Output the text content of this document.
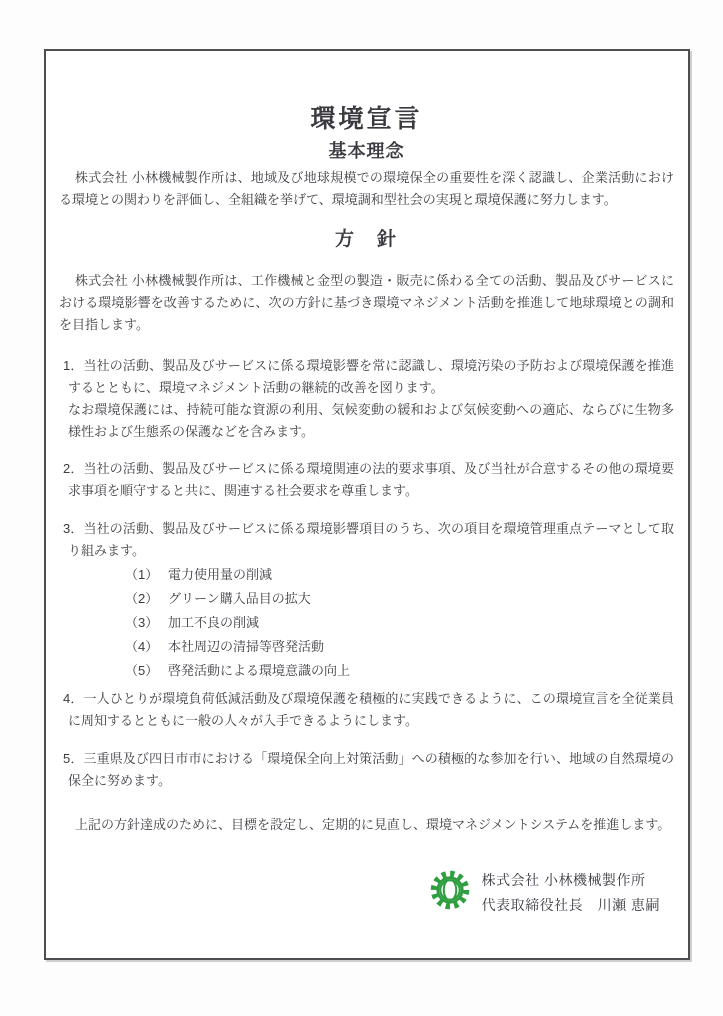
環境宣言
基本理念

株式会社 小林機械製作所は、地域及び地球規模での環境保全の重要性を深く認識し、企業活動における環境との関わりを評価し、全組織を挙げて、環境調和型社会の実現と環境保護に努力します。

方　針

株式会社 小林機械製作所は、工作機械と金型の製造・販売に係わる全ての活動、製品及びサービスにおける環境影響を改善するために、次の方針に基づき環境マネジメント活動を推進して地球環境との調和を目指します。

1．当社の活動、製品及びサービスに係る環境影響を常に認識し、環境汚染の予防および環境保護を推進するとともに、環境マネジメント活動の継続的改善を図ります。
なお環境保護には、持続可能な資源の利用、気候変動の緩和および気候変動への適応、ならびに生物多様性および生態系の保護などを含みます。

2．当社の活動、製品及びサービスに係る環境関連の法的要求事項、及び当社が合意するその他の環境要求事項を順守すると共に、関連する社会要求を尊重します。

3．当社の活動、製品及びサービスに係る環境影響項目のうち、次の項目を環境管理重点テーマとして取り組みます。

（1） 電力使用量の削減
（2） グリーン購入品目の拡大
（3） 加工不良の削減
（4） 本社周辺の清掃等啓発活動
（5） 啓発活動による環境意識の向上

4．一人ひとりが環境負荷低減活動及び環境保護を積極的に実践できるように、この環境宣言を全従業員に周知するとともに一般の人々が入手できるようにします。

5．三重県及び四日市市における「環境保全向上対策活動」への積極的な参加を行い、地域の自然環境の保全に努めます。

上記の方針達成のために、目標を設定し、定期的に見直し、環境マネジメントシステムを推進します。

株式会社 小林機械製作所
代表取締役社長　川瀬 恵嗣
